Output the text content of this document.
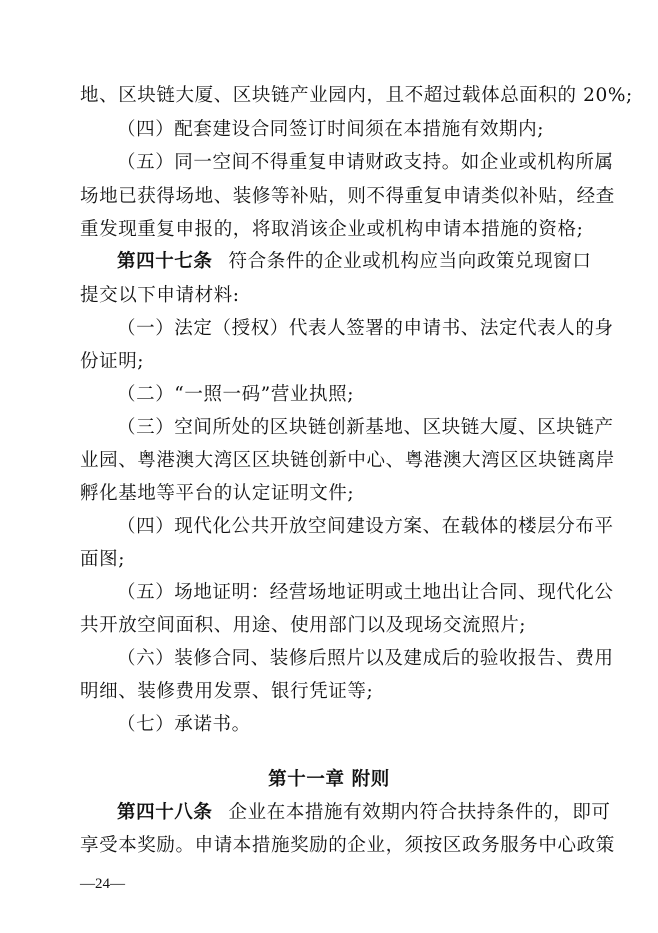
地、区块链大厦、区块链产业园内，且不超过载体总面积的 20%;
（四）配套建设合同签订时间须在本措施有效期内;
（五）同一空间不得重复申请财政支持。如企业或机构所属
场地已获得场地、装修等补贴，则不得重复申请类似补贴，经查
重发现重复申报的，将取消该企业或机构申请本措施的资格;
第四十七条 符合条件的企业或机构应当向政策兑现窗口
提交以下申请材料:
（一）法定（授权）代表人签署的申请书、法定代表人的身
份证明;
（二）“一照一码”营业执照;
（三）空间所处的区块链创新基地、区块链大厦、区块链产
业园、粤港澳大湾区区块链创新中心、粤港澳大湾区区块链离岸
孵化基地等平台的认定证明文件;
（四）现代化公共开放空间建设方案、在载体的楼层分布平
面图;
（五）场地证明：经营场地证明或土地出让合同、现代化公
共开放空间面积、用途、使用部门以及现场交流照片;
（六）装修合同、装修后照片以及建成后的验收报告、费用
明细、装修费用发票、银行凭证等;
（七）承诺书。
第十一章 附则
第四十八条 企业在本措施有效期内符合扶持条件的，即可
享受本奖励。申请本措施奖励的企业，须按区政务服务中心政策
—24—
